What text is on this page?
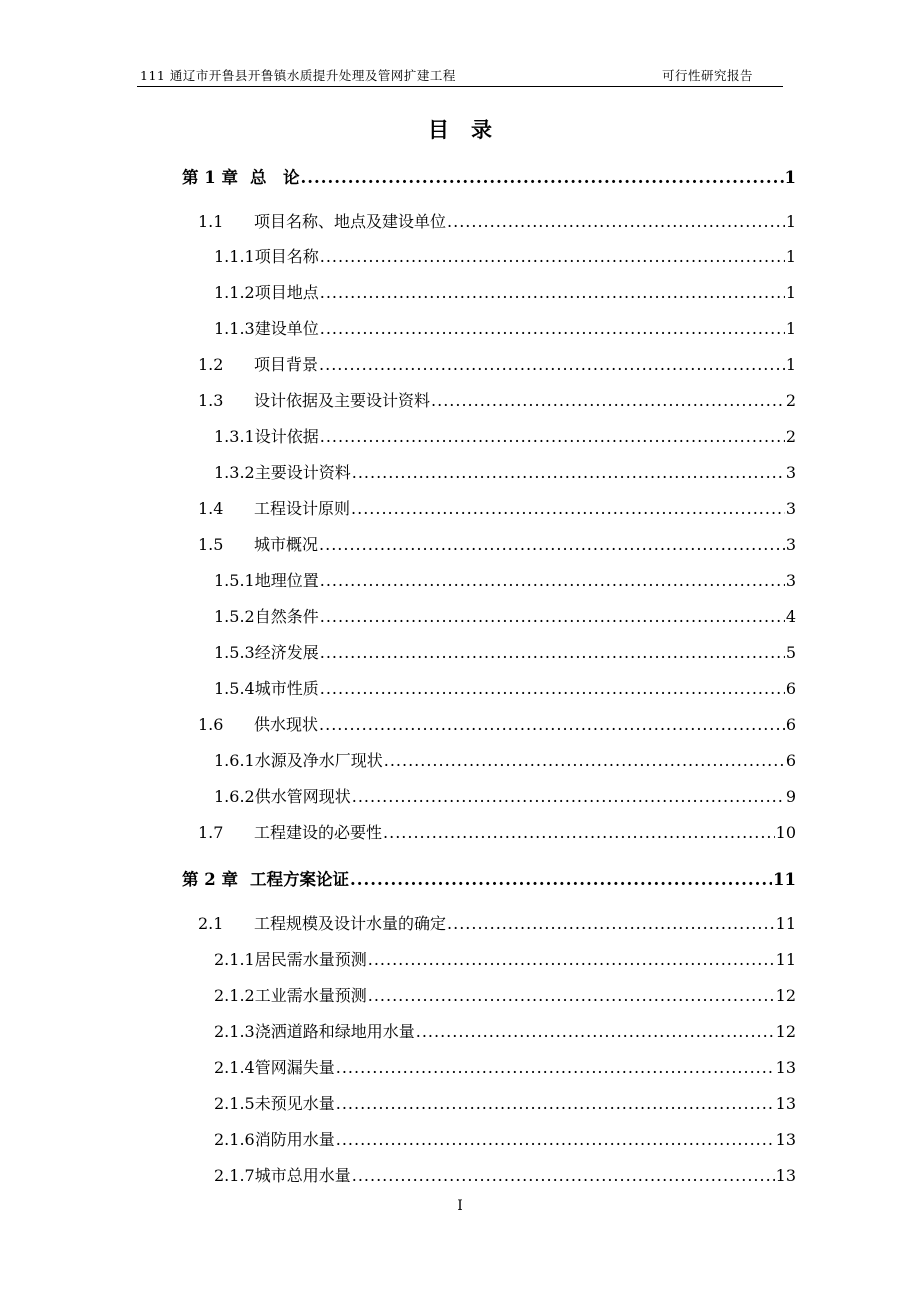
111 通辽市开鲁县开鲁镇水质提升处理及管网扩建工程	可行性研究报告
目录
第 1 章 总　论 .....	1
1.1	项目名称、地点及建设单位 .....	1
1.1.1 项目名称 .....	1
1.1.2 项目地点 .....	1
1.1.3 建设单位 .....	1
1.2	项目背景 .....	1
1.3	设计依据及主要设计资料 .....	2
1.3.1 设计依据 .....	2
1.3.2 主要设计资料 .....	3
1.4	工程设计原则 .....	3
1.5	城市概况 .....	3
1.5.1 地理位置 .....	3
1.5.2 自然条件 .....	4
1.5.3 经济发展 .....	5
1.5.4 城市性质 .....	6
1.6	供水现状 .....	6
1.6.1 水源及净水厂现状 .....	6
1.6.2 供水管网现状 .....	9
1.7	工程建设的必要性 .....	10
第 2 章 工程方案论证 .....	11
2.1	工程规模及设计水量的确定 .....	11
2.1.1 居民需水量预测 .....	11
2.1.2 工业需水量预测 .....	12
2.1.3 浇洒道路和绿地用水量 .....	12
2.1.4 管网漏失量 .....	13
2.1.5 未预见水量 .....	13
2.1.6 消防用水量 .....	13
2.1.7 城市总用水量 .....	13
I
